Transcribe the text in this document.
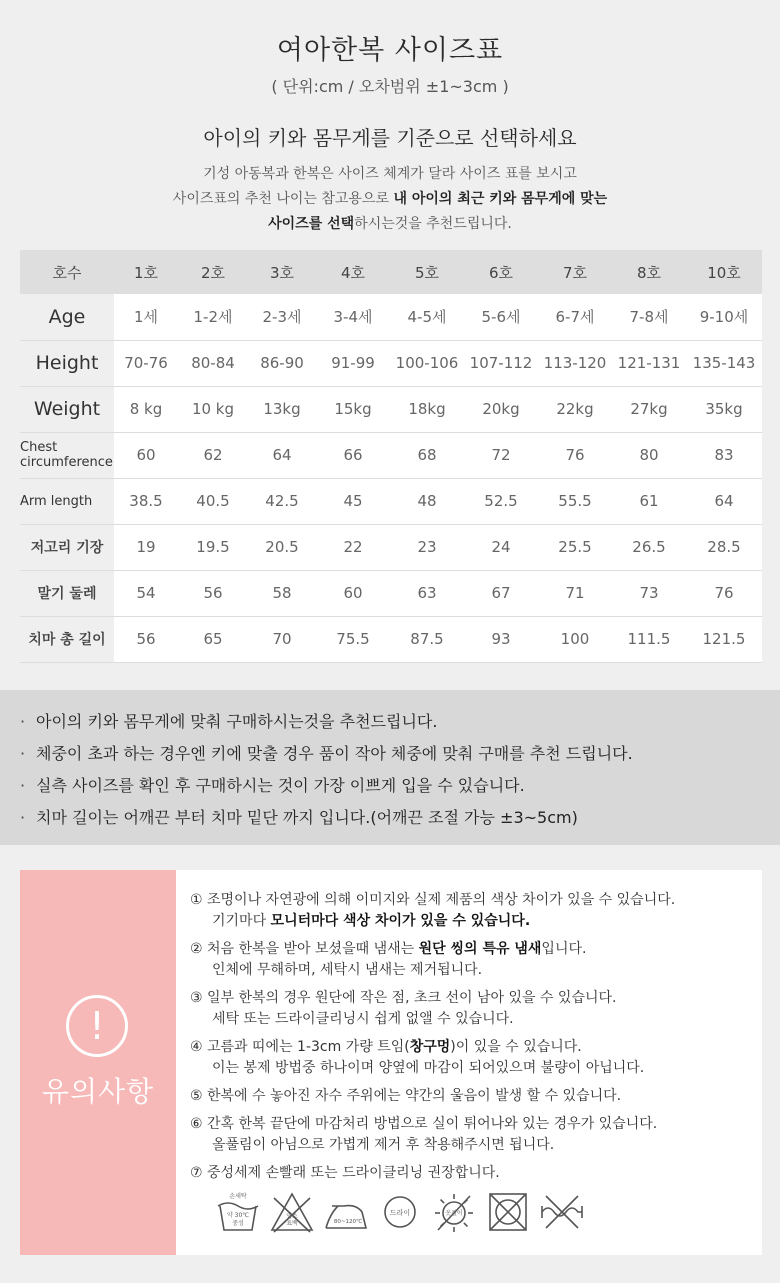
여아한복 사이즈표
( 단위:cm / 오차범위 ±1~3cm )
아이의 키와 몸무게를 기준으로 선택하세요
기성 아동복과 한복은 사이즈 체계가 달라 사이즈 표를 보시고
사이즈표의 추천 나이는 참고용으로 내 아이의 최근 키와 몸무게에 맞는
사이즈를 선택하시는것을 추천드립니다.
호수	1호	2호	3호	4호	5호	6호	7호	8호	10호
Age	1세	1-2세	2-3세	3-4세	4-5세	5-6세	6-7세	7-8세	9-10세
Height	70-76	80-84	86-90	91-99	100-106	107-112	113-120	121-131	135-143
Weight	8 kg	10 kg	13kg	15kg	18kg	20kg	22kg	27kg	35kg
Chest circumference	60	62	64	66	68	72	76	80	83
Arm length	38.5	40.5	42.5	45	48	52.5	55.5	61	64
저고리 기장	19	19.5	20.5	22	23	24	25.5	26.5	28.5
말기 둘레	54	56	58	60	63	67	71	73	76
치마 총 길이	56	65	70	75.5	87.5	93	100	111.5	121.5
· 아이의 키와 몸무게에 맞춰 구매하시는것을 추천드립니다.
· 체중이 초과 하는 경우엔 키에 맞출 경우 품이 작아 체중에 맞춰 구매를 추천 드립니다.
· 실측 사이즈를 확인 후 구매하시는 것이 가장 이쁘게 입을 수 있습니다.
· 치마 길이는 어깨끈 부터 치마 밑단 까지 입니다.(어깨끈 조절 가능 ±3~5cm)
!
유의사항
① 조명이나 자연광에 의해 이미지와 실제 제품의 색상 차이가 있을 수 있습니다.
기기마다 모니터마다 색상 차이가 있을 수 있습니다.
② 처음 한복을 받아 보셨을때 냄새는 원단 씽의 특유 냄새입니다.
인체에 무해하며, 세탁시 냄새는 제거됩니다.
③ 일부 한복의 경우 원단에 작은 점, 초크 선이 남아 있을 수 있습니다.
세탁 또는 드라이클리닝시 쉽게 없앨 수 있습니다.
④ 고름과 띠에는 1-3cm 가량 트임(창구멍)이 있을 수 있습니다.
이는 봉제 방법중 하나이며 양옆에 마감이 되어있으며 불량이 아닙니다.
⑤ 한복에 수 놓아진 자수 주위에는 약간의 울음이 발생 할 수 있습니다.
⑥ 간혹 한복 끝단에 마감처리 방법으로 실이 튀어나와 있는 경우가 있습니다.
올풀림이 아님으로 가볍게 제거 후 착용해주시면 됩니다.
⑦ 중성세제 손빨래 또는 드라이클리닝 권장합니다.
손세탁
약 30℃
중성
염소
표백	80~120℃
드라이	옷걸이
